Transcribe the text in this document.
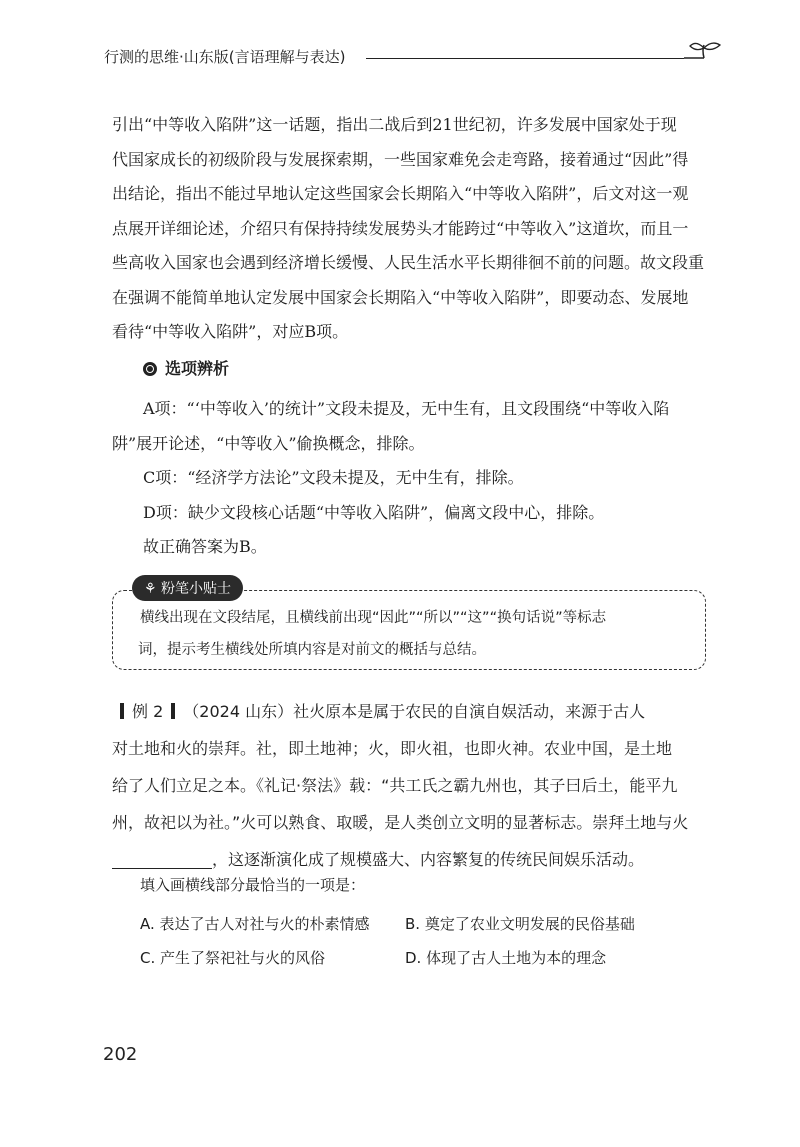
行测的思维·山东版(言语理解与表达)
引出“中等收入陷阱”这一话题，指出二战后到21世纪初，许多发展中国家处于现
代国家成长的初级阶段与发展探索期，一些国家难免会走弯路，接着通过“因此”得
出结论，指出不能过早地认定这些国家会长期陷入“中等收入陷阱”，后文对这一观
点展开详细论述，介绍只有保持持续发展势头才能跨过“中等收入”这道坎，而且一
些高收入国家也会遇到经济增长缓慢、人民生活水平长期徘徊不前的问题。故文段重
在强调不能简单地认定发展中国家会长期陷入“中等收入陷阱”，即要动态、发展地
看待“中等收入陷阱”，对应B项。
选项辨析
A项：“‘中等收入’的统计”文段未提及，无中生有，且文段围绕“中等收入陷
阱”展开论述，“中等收入”偷换概念，排除。
C项：“经济学方法论”文段未提及，无中生有，排除。
D项：缺少文段核心话题“中等收入陷阱”，偏离文段中心，排除。
故正确答案为B。
⚘ 粉笔小贴士
横线出现在文段结尾，且横线前出现“因此”“所以”“这”“换句话说”等标志
词，提示考生横线处所填内容是对前文的概括与总结。
例 2 （2024 山东）社火原本是属于农民的自演自娱活动，来源于古人
对土地和火的崇拜。社，即土地神；火，即火祖，也即火神。农业中国，是土地
给了人们立足之本。《礼记·祭法》载：“共工氏之霸九州也，其子曰后土，能平九
州，故祀以为社。”火可以熟食、取暖，是人类创立文明的显著标志。崇拜土地与火
，这逐渐演化成了规模盛大、内容繁复的传统民间娱乐活动。
填入画横线部分最恰当的一项是：
A. 表达了古人对社与火的朴素情感 B. 奠定了农业文明发展的民俗基础
C. 产生了祭祀社与火的风俗	D. 体现了古人土地为本的理念
202
